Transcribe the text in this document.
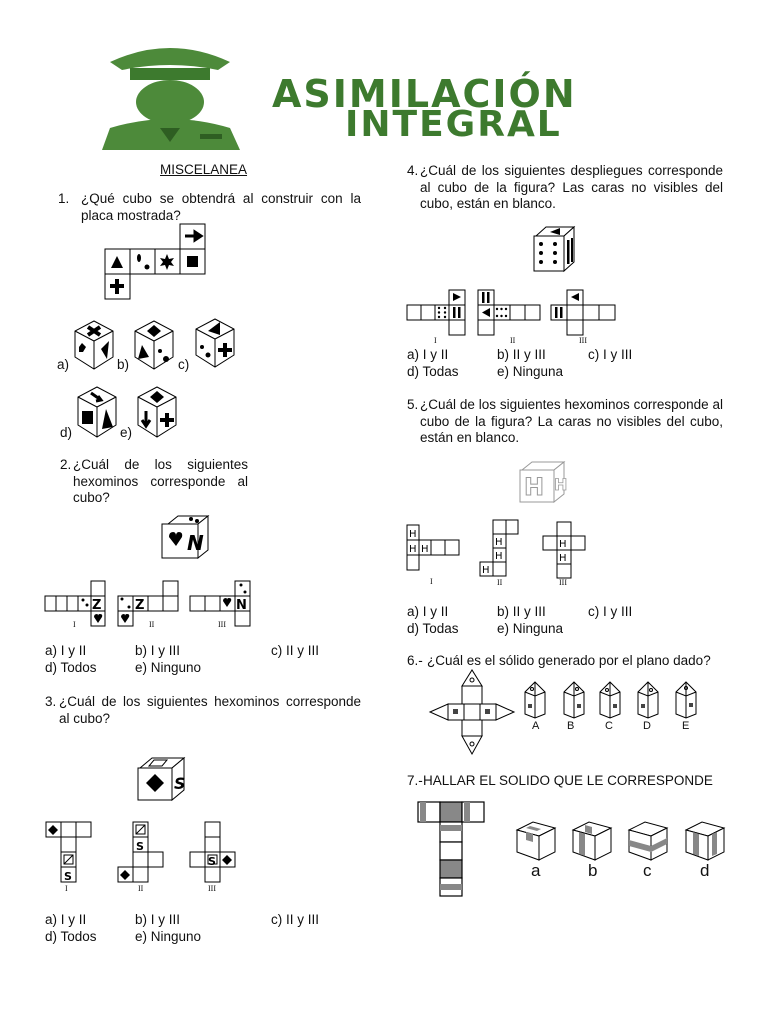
ASIMILACIÓN
INTEGRAL
MISCELANEA
1. ¿Qué cubo se obtendrá al construir con la placa mostrada?
a)	b)	c)
d)	e)
2. ¿Cuál de los siguientes hexominos corresponde al cubo?
N
Z
I
Z
II
N
III
a) I y II	b) I y III	c) II y III
d) Todos	e) Ninguno
3. ¿Cuál de los siguientes hexominos corresponde al cubo?
S
S
I
S
II
S
III
a) I y II	b) I y III	c) II y III
d) Todos	e) Ninguno
4. ¿Cuál de los siguientes despliegues corresponde al cubo de la figura? Las caras no visibles del cubo, están en blanco.
I	II	III
a) I y II	b) II y III	c) I y III
d) Todas	e) Ninguna
5. ¿Cuál de los siguientes hexominos corresponde al cubo de la figura? La caras no visibles del cubo, están en blanco.
H H
H
H H
I
H
H
H
II
H
H
III
a) I y II	b) II y III	c) I y III
d) Todas	e) Ninguna
6.- ¿Cuál es el sólido generado por el plano dado?
A	B	C	D	E
7.- HALLAR EL SOLIDO QUE LE CORRESPONDE
a	b	c	d
